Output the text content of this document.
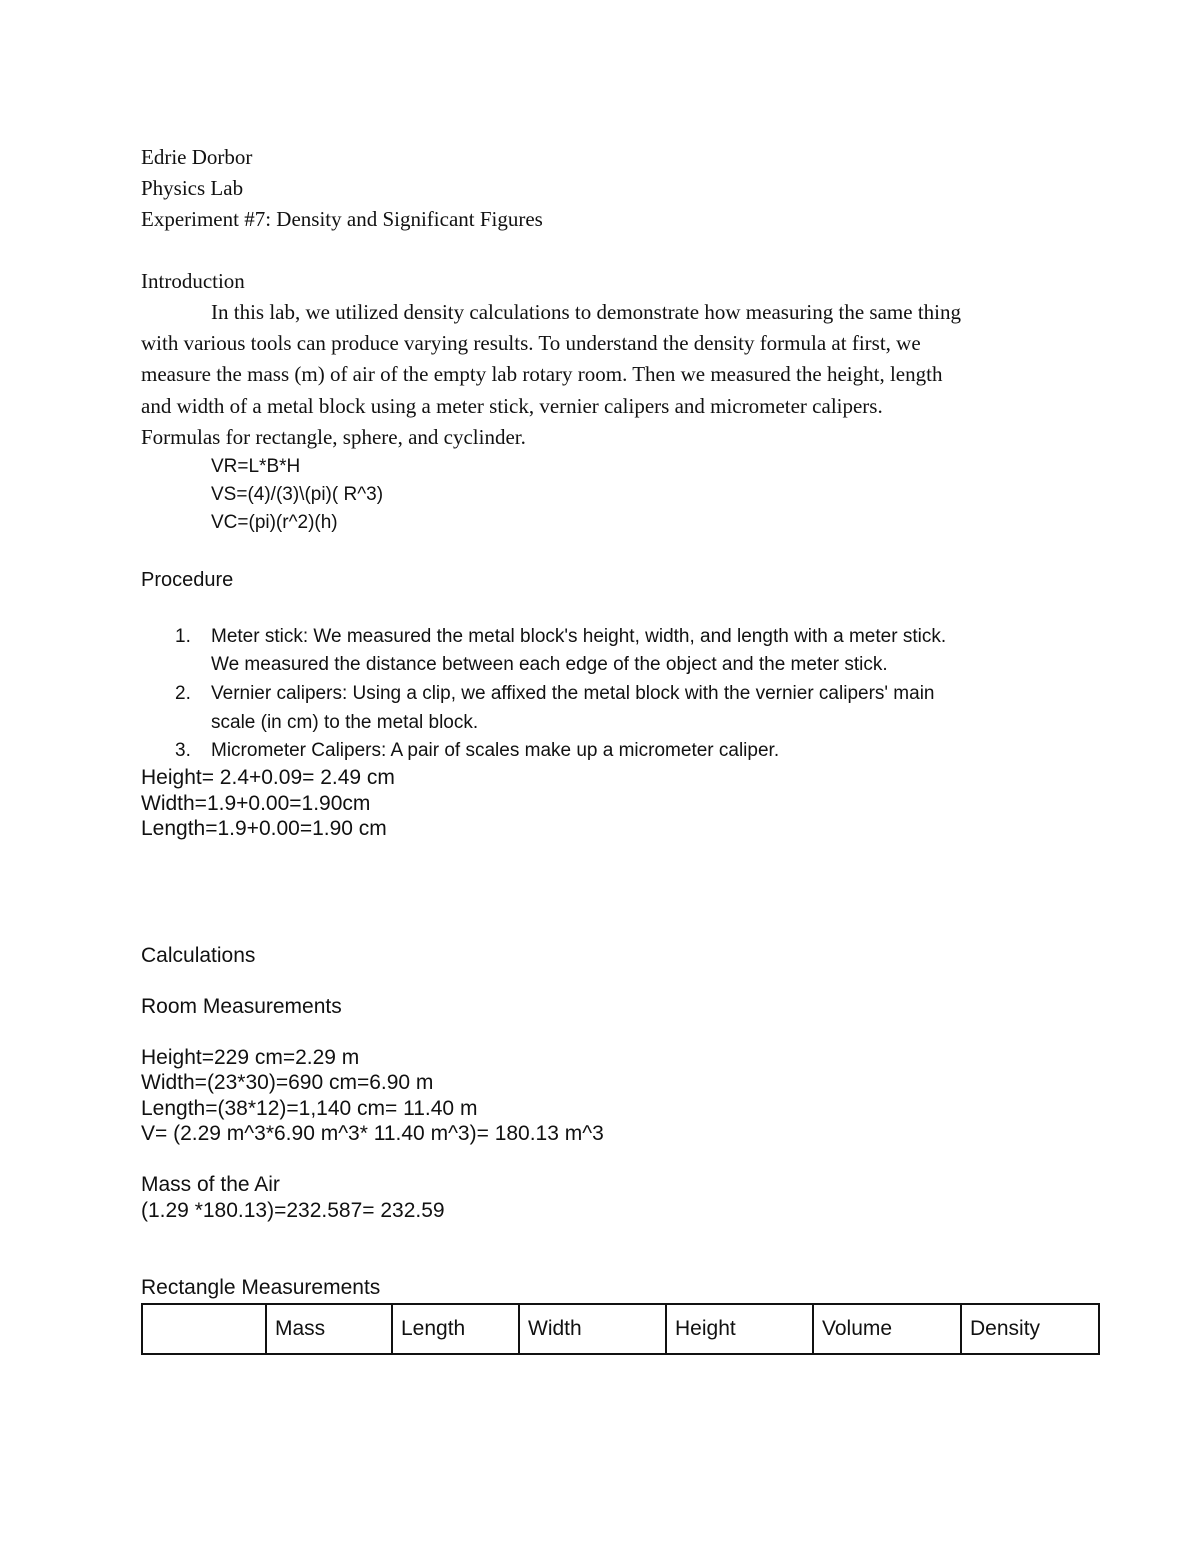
Edrie Dorbor
Physics Lab
Experiment #7: Density and Significant Figures
Introduction
In this lab, we utilized density calculations to demonstrate how measuring the same thing
with various tools can produce varying results. To understand the density formula at first, we
measure the mass (m) of air of the empty lab rotary room. Then we measured the height, length
and width of a metal block using a meter stick, vernier calipers and micrometer calipers.
Formulas for rectangle, sphere, and cyclinder.
VR=L*B*H
VS=(4)/(3)\(pi)( R^3)
VC=(pi)(r^2)(h)
Procedure
1. Meter stick: We measured the metal block's height, width, and length with a meter stick.
We measured the distance between each edge of the object and the meter stick.
2. Vernier calipers: Using a clip, we affixed the metal block with the vernier calipers' main
scale (in cm) to the metal block.
3. Micrometer Calipers: A pair of scales make up a micrometer caliper.
Height= 2.4+0.09= 2.49 cm
Width=1.9+0.00=1.90cm
Length=1.9+0.00=1.90 cm
Calculations
Room Measurements
Height=229 cm=2.29 m
Width=(23*30)=690 cm=6.90 m
Length=(38*12)=1,140 cm= 11.40 m
V= (2.29 m^3*6.90 m^3* 11.40 m^3)= 180.13 m^3
Mass of the Air
(1.29 *180.13)=232.587= 232.59
Rectangle Measurements
	Mass	Length	Width	Height	Volume	Density
